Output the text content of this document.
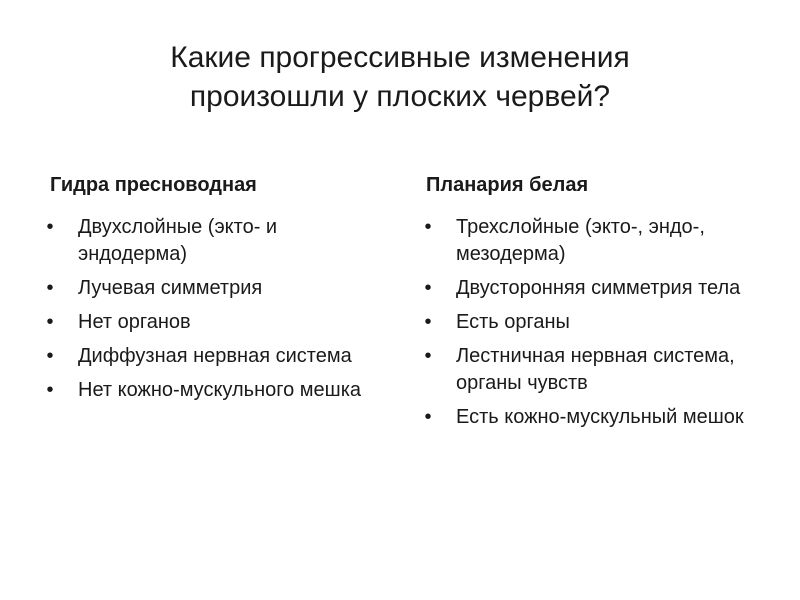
Какие прогрессивные изменения
произошли у плоских червей?
Гидра пресноводная
•	Двухслойные (экто- и эндодерма)
•	Лучевая симметрия
•	Нет органов
•	Диффузная нервная система
•	Нет кожно-мускульного мешка
Планария белая
•	Трехслойные (экто-, эндо-, мезодерма)
•	Двусторонняя симметрия тела
•	Есть органы
•	Лестничная нервная система, органы чувств
•	Есть кожно-мускульный мешок
